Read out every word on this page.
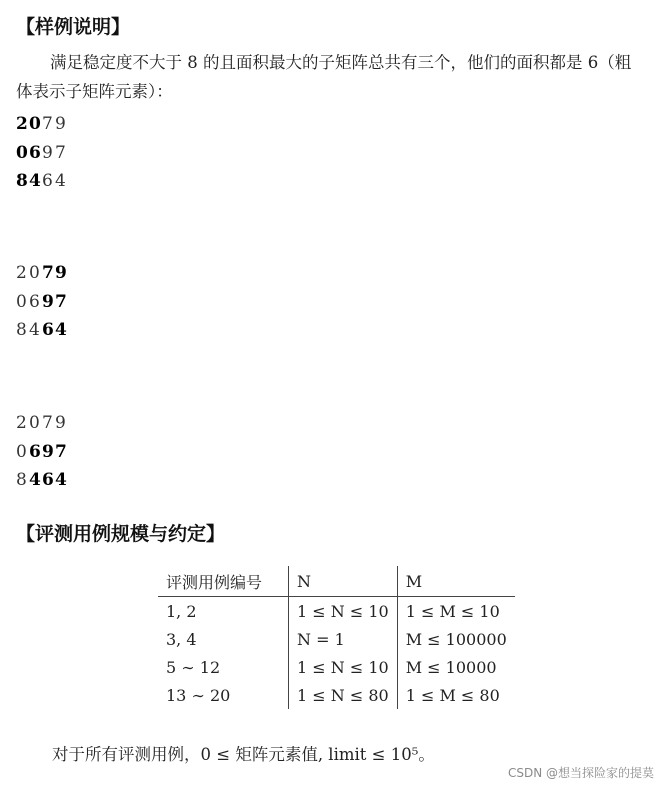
【样例说明】

满足稳定度不大于 8 的且面积最大的子矩阵总共有三个，他们的面积都是 6（粗体表示子矩阵元素）：

207 9
069 7
846 4
2 0 79
0 6 97
8 4 64
2 0 7 9
0 697
8 464
【评测用例规模与约定】
评测用例编号	N	M
1, 2	1 ≤ N ≤ 10	1 ≤ M ≤ 10
3, 4	N = 1	M ≤ 100000
5 ∼ 12	1 ≤ N ≤ 10	M ≤ 10000
13 ∼ 20	1 ≤ N ≤ 80	1 ≤ M ≤ 80
对于所有评测用例，0 ≤ 矩阵元素值, limit ≤ 10⁵。
CSDN @想当探险家的提莫
